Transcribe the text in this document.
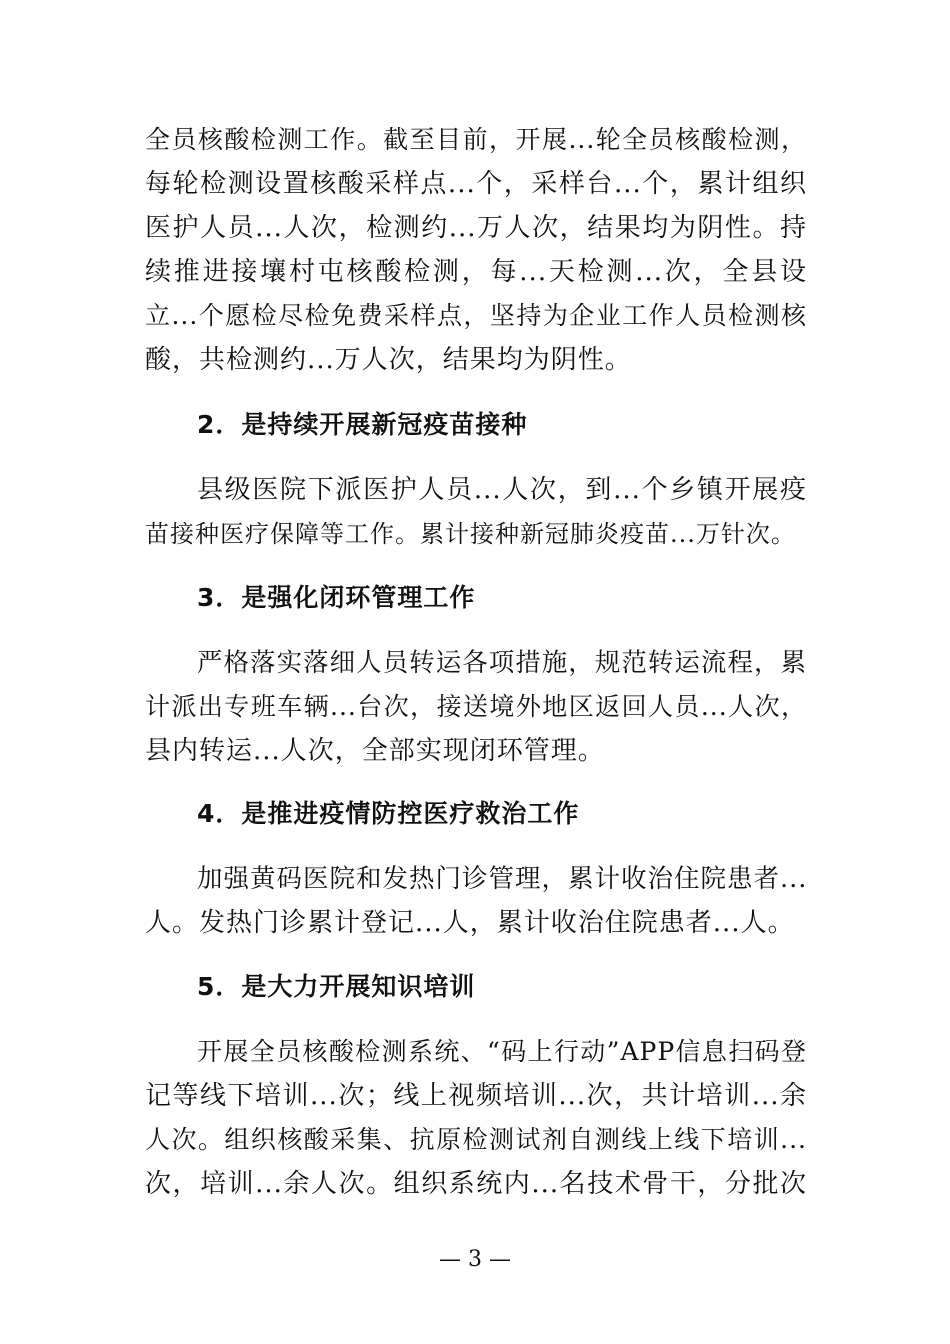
全员核酸检测工作。截至目前，开展...轮全员核酸检测，
每轮检测设置核酸采样点...个，采样台...个，累计组织
医护人员...人次，检测约...万人次，结果均为阴性。持
续推进接壤村屯核酸检测，每...天检测...次，全县设
立...个愿检尽检免费采样点，坚持为企业工作人员检测核
酸，共检测约...万人次，结果均为阴性。
2．是持续开展新冠疫苗接种
县级医院下派医护人员...人次，到...个乡镇开展疫
苗接种医疗保障等工作。累计接种新冠肺炎疫苗...万针次。
3．是强化闭环管理工作
严格落实落细人员转运各项措施，规范转运流程，累
计派出专班车辆...台次，接送境外地区返回人员...人次，
县内转运...人次，全部实现闭环管理。
4．是推进疫情防控医疗救治工作
加强黄码医院和发热门诊管理，累计收治住院患者...
人。发热门诊累计登记...人，累计收治住院患者...人。
5．是大力开展知识培训
开展全员核酸检测系统、“码上行动”APP信息扫码登
记等线下培训...次；线上视频培训...次，共计培训...余
人次。组织核酸采集、抗原检测试剂自测线上线下培训...
次，培训...余人次。组织系统内...名技术骨干，分批次
— 3 —
